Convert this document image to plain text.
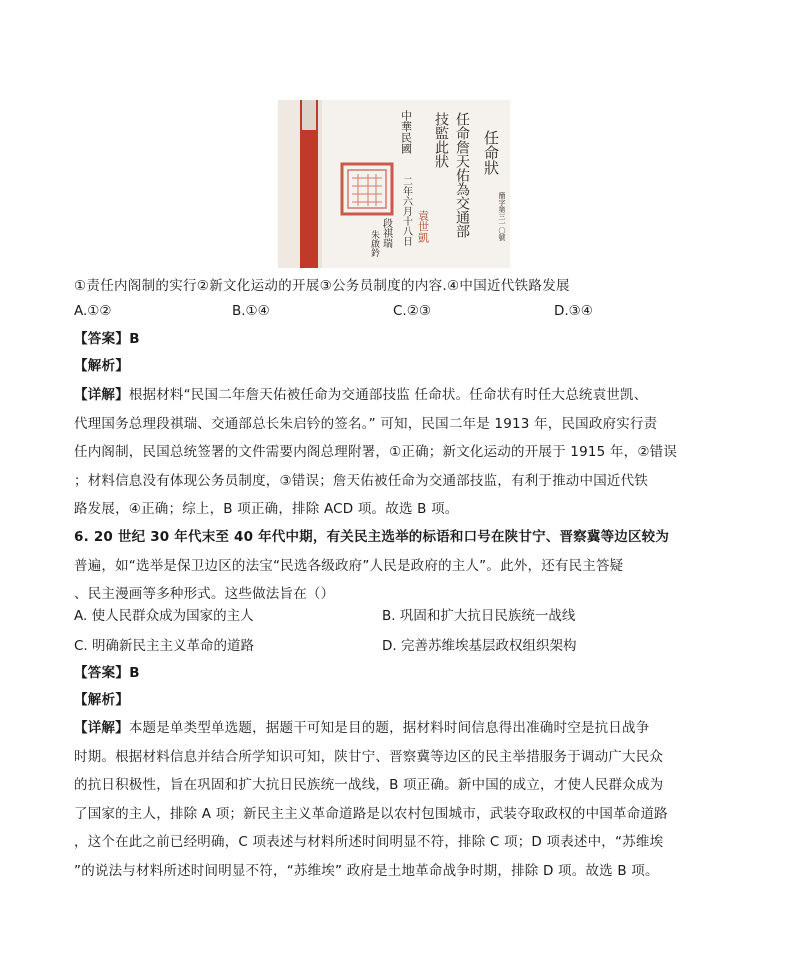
任命狀
任命詹天佑為交通部
技監此狀
簡字第三一〇號
中華民國
二年六月十八日 袁世凱
段祺瑞
朱啟鈐
①责任内阁制的实行②新文化运动的开展③公务员制度的内容.④中国近代铁路发展
A.①②	B.①④	C.②③	D.③④
【答案】B
【解析】
【详解】根据材料“民国二年詹天佑被任命为交通部技监 任命状。任命状有时任大总统袁世凯、
代理国务总理段祺瑞、交通部总长朱启钤的签名。” 可知，民国二年是 1913 年，民国政府实行责
任内阁制，民国总统签署的文件需要内阁总理附署，①正确；新文化运动的开展于 1915 年，②错误
；材料信息没有体现公务员制度，③错误；詹天佑被任命为交通部技监，有利于推动中国近代铁
路发展，④正确；综上，B 项正确，排除 ACD 项。故选 B 项。
6. 20 世纪 30 年代末至 40 年代中期，有关民主选举的标语和口号在陕甘宁、晋察冀等边区较为
普遍，如“选举是保卫边区的法宝“民选各级政府”人民是政府的主人”。此外，还有民主答疑
、民主漫画等多种形式。这些做法旨在（）
A. 使人民群众成为国家的主人	B. 巩固和扩大抗日民族统一战线
C. 明确新民主主义革命的道路	D. 完善苏维埃基层政权组织架构
【答案】B
【解析】
【详解】本题是单类型单选题，据题干可知是目的题，据材料时间信息得出准确时空是抗日战争
时期。根据材料信息并结合所学知识可知，陕甘宁、晋察冀等边区的民主举措服务于调动广大民众
的抗日积极性，旨在巩固和扩大抗日民族统一战线，B 项正确。新中国的成立，才使人民群众成为
了国家的主人，排除 A 项；新民主主义革命道路是以农村包围城市，武装夺取政权的中国革命道路
，这个在此之前已经明确，C 项表述与材料所述时间明显不符，排除 C 项；D 项表述中，“苏维埃
”的说法与材料所述时间明显不符，“苏维埃” 政府是土地革命战争时期，排除 D 项。故选 B 项。
